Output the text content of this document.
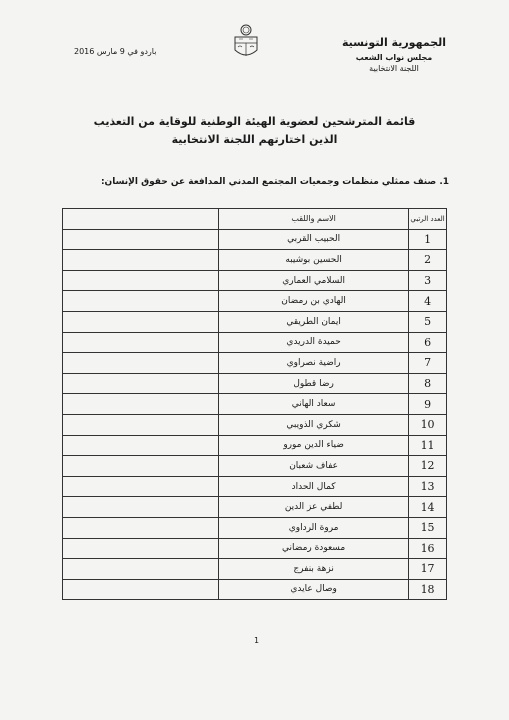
الجمهورية التونسية
مجلس نواب الشعب
اللجنة الانتخابية
باردو في 9 مارس 2016
قائمة المترشحين لعضوية الهيئة الوطنية للوقاية من التعذيب
الذين اختارتهم اللجنة الانتخابية
1. صنف ممثلي منظمات وجمعيات المجتمع المدني المدافعة عن حقوق الإنسان:
العدد الرتبي	الاسم واللقب	
1	الحبيب القربي	
2	الحسين بوشيبه	
3	السلامي العماري	
4	الهادي بن رمضان	
5	ايمان الطريقي	
6	حميدة الدريدي	
7	راضية نصراوي	
8	رضا قطول	
9	سعاد الهاني	
10	شكري الذويبي	
11	ضياء الدين مورو	
12	عفاف شعبان	
13	كمال الحداد	
14	لطفي عز الدين	
15	مروة الرداوي	
16	مسعودة رمضاني	
17	نزهة بنفرج	
18	وصال عايدي	
1
